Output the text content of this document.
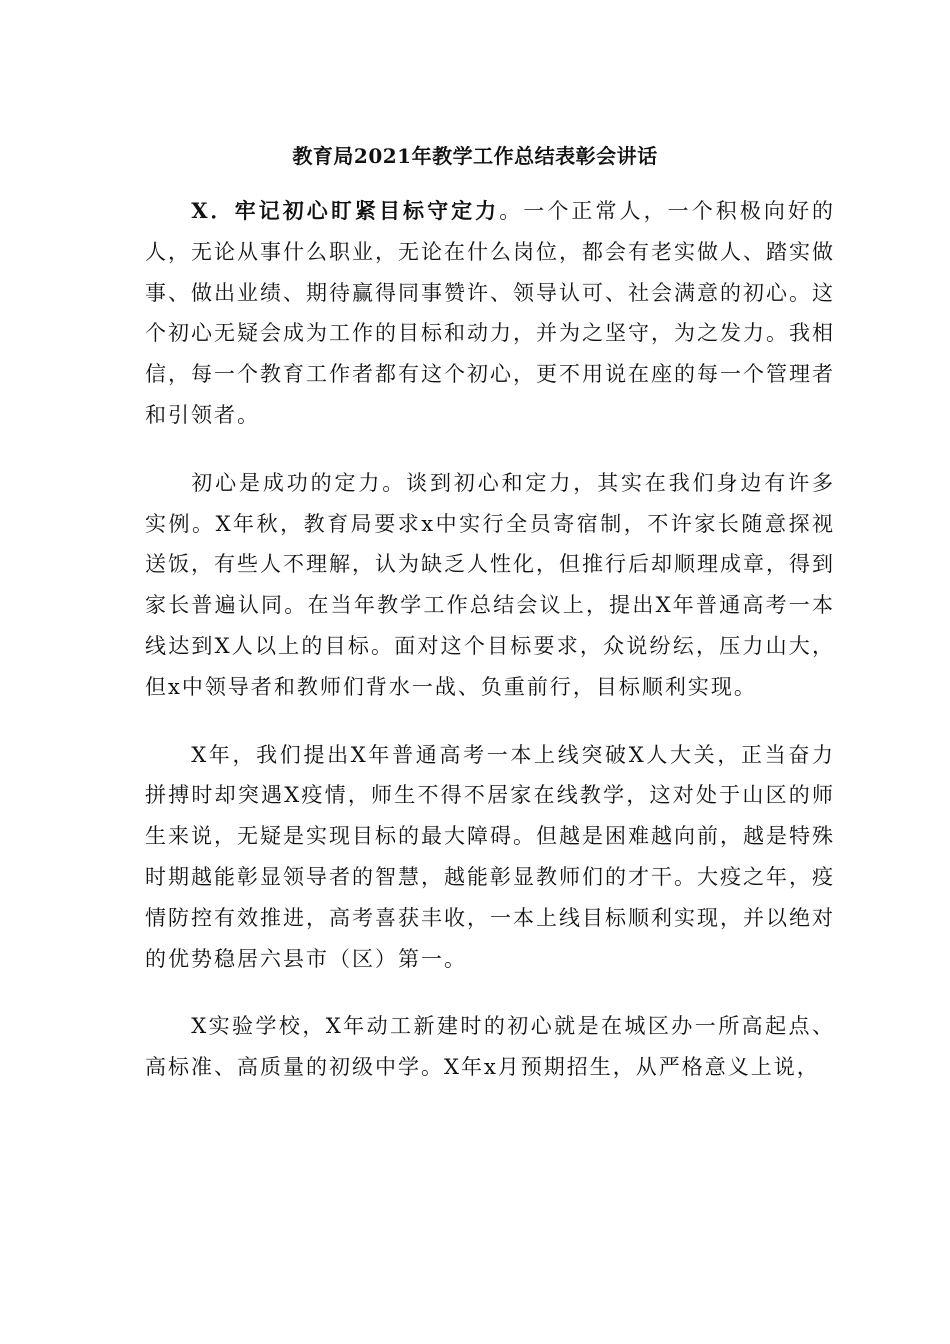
教育局2021年教学工作总结表彰会讲话

X．牢记初心盯紧目标守定力。一个正常人，一个积极向好的人，无论从事什么职业，无论在什么岗位，都会有老实做人、踏实做事、做出业绩、期待赢得同事赞许、领导认可、社会满意的初心。这个初心无疑会成为工作的目标和动力，并为之坚守，为之发力。我相信，每一个教育工作者都有这个初心，更不用说在座的每一个管理者和引领者。

初心是成功的定力。谈到初心和定力，其实在我们身边有许多实例。X年秋，教育局要求x中实行全员寄宿制，不许家长随意探视送饭，有些人不理解，认为缺乏人性化，但推行后却顺理成章，得到家长普遍认同。在当年教学工作总结会议上，提出X年普通高考一本线达到X人以上的目标。面对这个目标要求，众说纷纭，压力山大，但x中领导者和教师们背水一战、负重前行，目标顺利实现。

X年，我们提出X年普通高考一本上线突破X人大关，正当奋力拼搏时却突遇X疫情，师生不得不居家在线教学，这对处于山区的师生来说，无疑是实现目标的最大障碍。但越是困难越向前，越是特殊时期越能彰显领导者的智慧，越能彰显教师们的才干。大疫之年，疫情防控有效推进，高考喜获丰收，一本上线目标顺利实现，并以绝对的优势稳居六县市（区）第一。

X实验学校，X年动工新建时的初心就是在城区办一所高起点、高标准、高质量的初级中学。X年x月预期招生，从严格意义上说，
